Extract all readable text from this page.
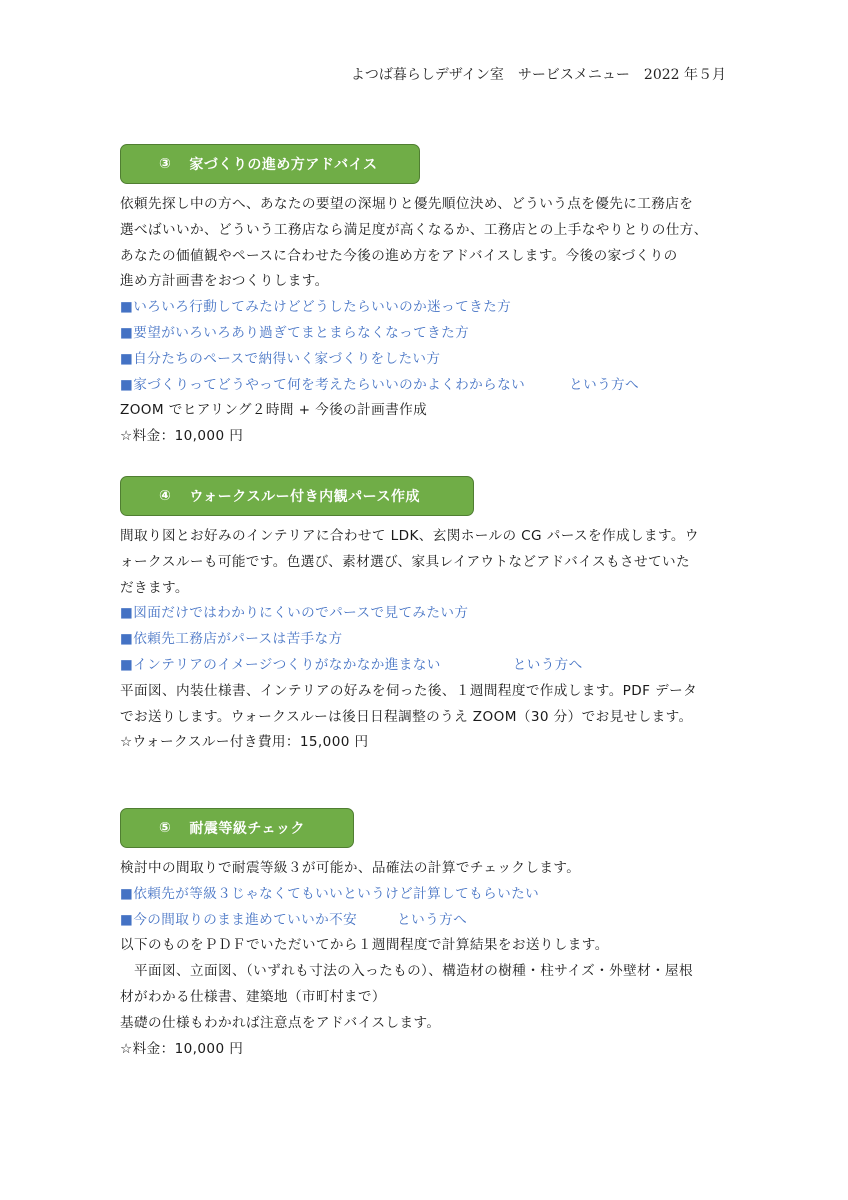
よつば暮らしデザイン室　サービスメニュー　2022 年５月
③ 家づくりの進め方アドバイス
依頼先探し中の方へ、あなたの要望の深堀りと優先順位決め、どういう点を優先に工務店を
選べばいいか、どういう工務店なら満足度が高くなるか、工務店との上手なやりとりの仕方、
あなたの価値観やペースに合わせた今後の進め方をアドバイスします。今後の家づくりの
進め方計画書をおつくりします。
■いろいろ行動してみたけどどうしたらいいのか迷ってきた方
■要望がいろいろあり過ぎてまとまらなくなってきた方
■自分たちのペースで納得いく家づくりをしたい方
■家づくりってどうやって何を考えたらいいのかよくわからない	という方へ
ZOOM でヒアリング２時間 + 今後の計画書作成
☆料金：10,000 円
④ ウォークスルー付き内観パース作成
間取り図とお好みのインテリアに合わせて LDK、玄関ホールの CG パースを作成します。ウ
ォークスルーも可能です。色選び、素材選び、家具レイアウトなどアドバイスもさせていた
だきます。
■図面だけではわかりにくいのでパースで見てみたい方
■依頼先工務店がパースは苦手な方
■インテリアのイメージつくりがなかなか進まない	という方へ
平面図、内装仕様書、インテリアの好みを伺った後、１週間程度で作成します。PDF データ
でお送りします。ウォークスルーは後日日程調整のうえ ZOOM（30 分）でお見せします。
☆ウォークスルー付き費用：15,000 円
⑤ 耐震等級チェック
検討中の間取りで耐震等級３が可能か、品確法の計算でチェックします。
■依頼先が等級３じゃなくてもいいというけど計算してもらいたい
■今の間取りのまま進めていいか不安	という方へ
以下のものをＰＤＦでいただいてから１週間程度で計算結果をお送りします。
　平面図、立面図、（いずれも寸法の入ったもの）、構造材の樹種・柱サイズ・外壁材・屋根
材がわかる仕様書、建築地（市町村まで）
基礎の仕様もわかれば注意点をアドバイスします。
☆料金：10,000 円
